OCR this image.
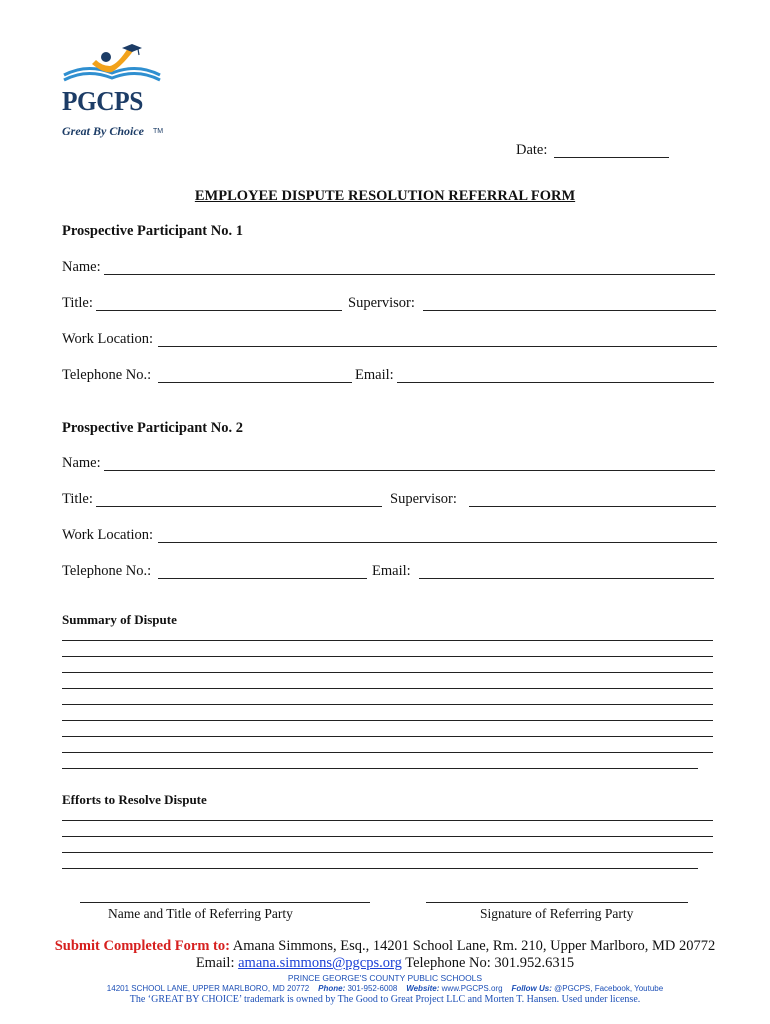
PGCPS
Great By Choice TM
Date:
EMPLOYEE DISPUTE RESOLUTION REFERRAL FORM
Prospective Participant No. 1
Name:
Title:	Supervisor:
Work Location:
Telephone No.:	Email:
Prospective Participant No. 2
Name:
Title:	Supervisor:
Work Location:
Telephone No.:	Email:
Summary of Dispute
Efforts to Resolve Dispute
Name and Title of Referring Party	Signature of Referring Party
Submit Completed Form to: Amana Simmons, Esq., 14201 School Lane, Rm. 210, Upper Marlboro, MD 20772
Email: amana.simmons@pgcps.org Telephone No: 301.952.6315
PRINCE GEORGE'S COUNTY PUBLIC SCHOOLS
14201 SCHOOL LANE, UPPER MARLBORO, MD 20772 Phone: 301-952-6008 Website: www.PGCPS.org Follow Us: @PGCPS, Facebook, Youtube
The ‘GREAT BY CHOICE’ trademark is owned by The Good to Great Project LLC and Morten T. Hansen. Used under license.
